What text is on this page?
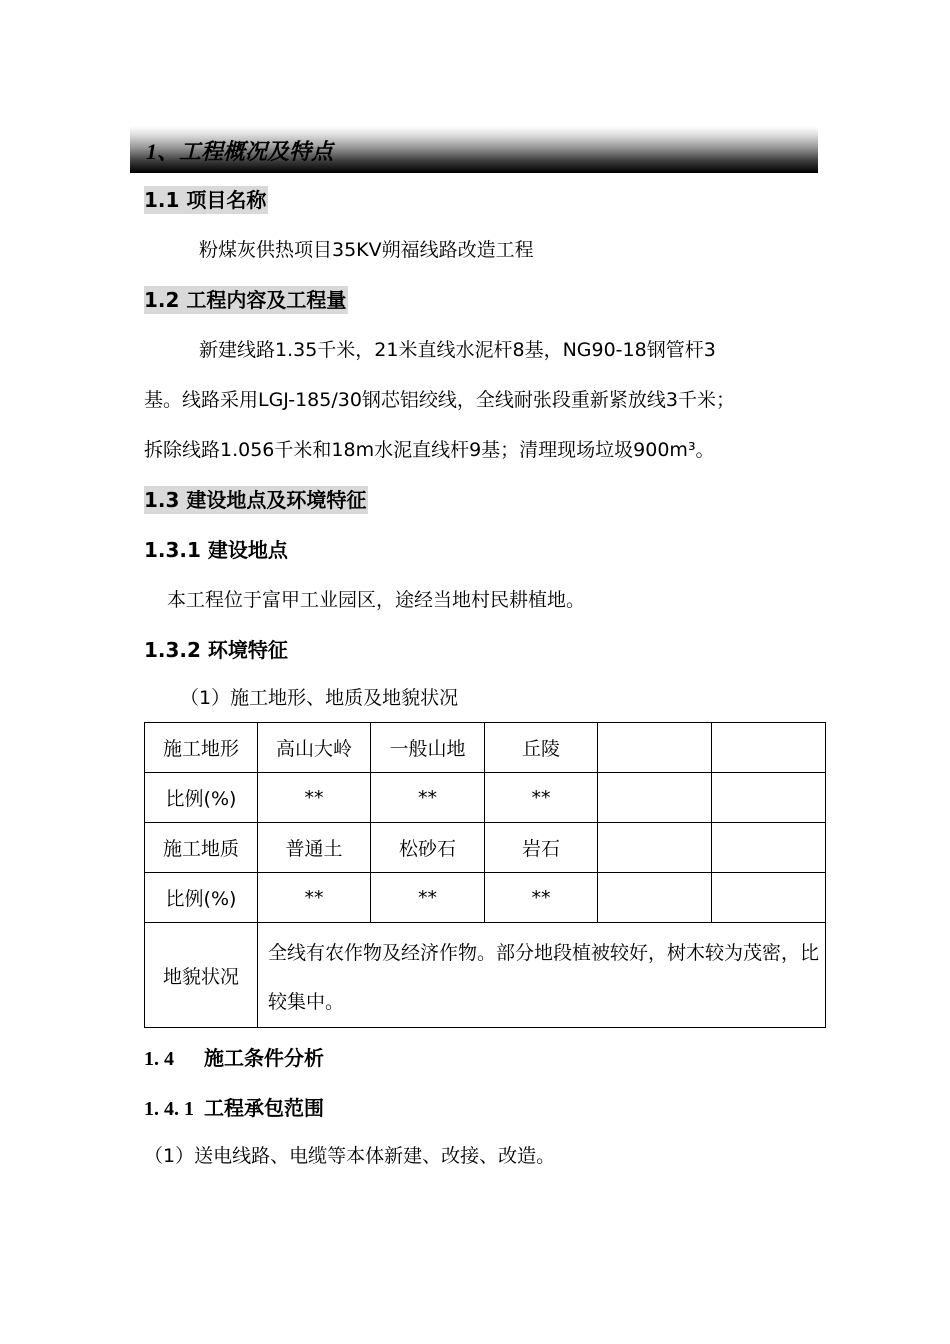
1、工程概况及特点
1.1 项目名称
粉煤灰供热项目35KV朔福线路改造工程
1.2 工程内容及工程量
新建线路1.35千米，21米直线水泥杆8基，NG90-18钢管杆3
基。线路采用LGJ-185/30钢芯铝绞线，全线耐张段重新紧放线3千米；
拆除线路1.056千米和18m水泥直线杆9基；清理现场垃圾900m³。
1.3 建设地点及环境特征
1.3.1 建设地点
本工程位于富甲工业园区，途经当地村民耕植地。
1.3.2 环境特征
（1）施工地形、地质及地貌状况
施工地形	高山大岭	一般山地	丘陵		
比例(%)	**	**	**		
施工地质	普通土	松砂石	岩石		
比例(%)	**	**	**		
地貌状况	全线有农作物及经济作物。部分地段植被较好，树木较为茂密，比较集中。				
1. 4      施工条件分析
1. 4. 1  工程承包范围
（1）送电线路、电缆等本体新建、改接、改造。
